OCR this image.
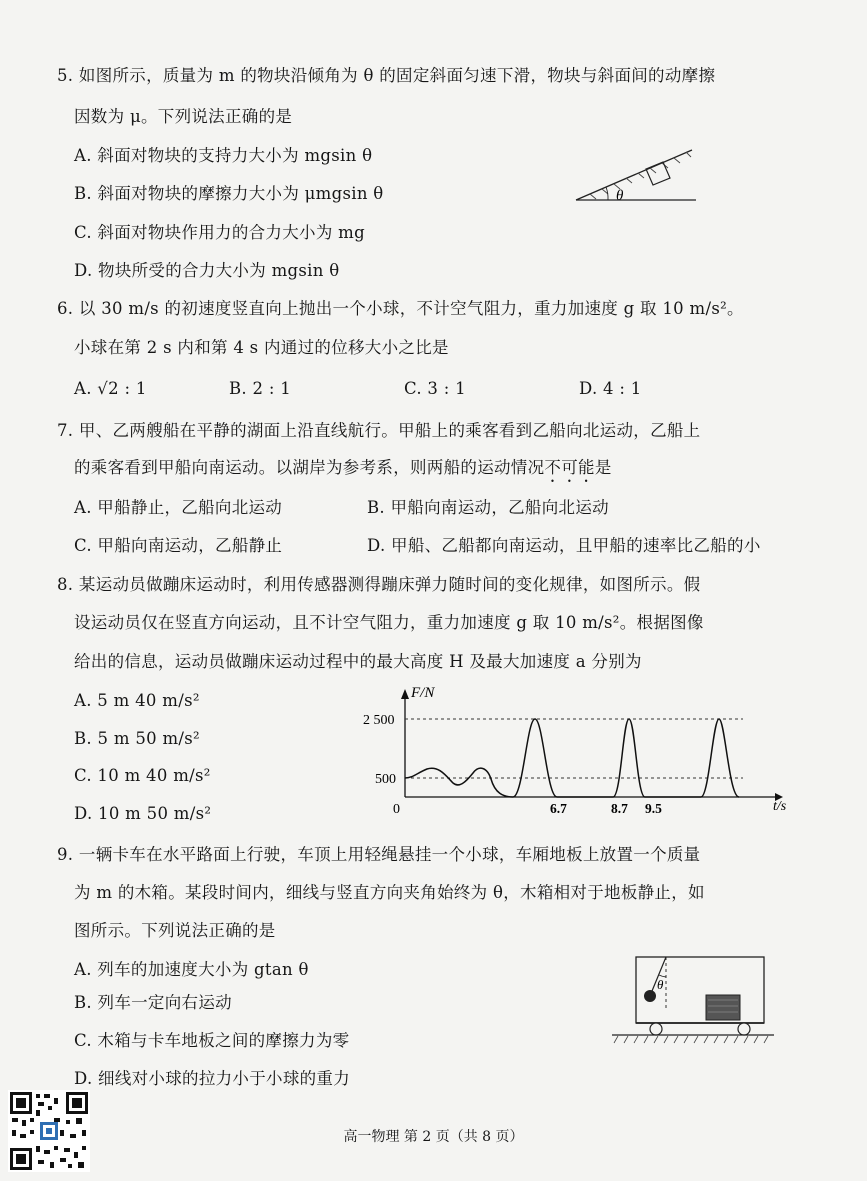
5. 如图所示，质量为 m 的物块沿倾角为 θ 的固定斜面匀速下滑，物块与斜面间的动摩擦
因数为 μ。下列说法正确的是
A. 斜面对物块的支持力大小为 mgsin θ
B. 斜面对物块的摩擦力大小为 μmgsin θ
C. 斜面对物块作用力的合力大小为 mg
D. 物块所受的合力大小为 mgsin θ
θ
6. 以 30 m/s 的初速度竖直向上抛出一个小球，不计空气阻力，重力加速度 g 取 10 m/s²。
小球在第 2 s 内和第 4 s 内通过的位移大小之比是
A. √2 : 1	B. 2 : 1	C. 3 : 1	D. 4 : 1
7. 甲、乙两艘船在平静的湖面上沿直线航行。甲船上的乘客看到乙船向北运动，乙船上
的乘客看到甲船向南运动。以湖岸为参考系，则两船的运动情况不可能是
A. 甲船静止，乙船向北运动	B. 甲船向南运动，乙船向北运动
C. 甲船向南运动，乙船静止	D. 甲船、乙船都向南运动，且甲船的速率比乙船的小
8. 某运动员做蹦床运动时，利用传感器测得蹦床弹力随时间的变化规律，如图所示。假
设运动员仅在竖直方向运动，且不计空气阻力，重力加速度 g 取 10 m/s²。根据图像
给出的信息，运动员做蹦床运动过程中的最大高度 H 及最大加速度 a 分别为
A. 5 m 40 m/s²
B. 5 m 50 m/s²
C. 10 m 40 m/s²
D. 10 m 50 m/s²
F/N
t/s
0
2 500
500
6.7	8.7 9.5
9. 一辆卡车在水平路面上行驶，车顶上用轻绳悬挂一个小球，车厢地板上放置一个质量
为 m 的木箱。某段时间内，细线与竖直方向夹角始终为 θ，木箱相对于地板静止，如
图所示。下列说法正确的是
A. 列车的加速度大小为 gtan θ
B. 列车一定向右运动
C. 木箱与卡车地板之间的摩擦力为零
D. 细线对小球的拉力小于小球的重力
θ
高一物理 第 2 页（共 8 页）
